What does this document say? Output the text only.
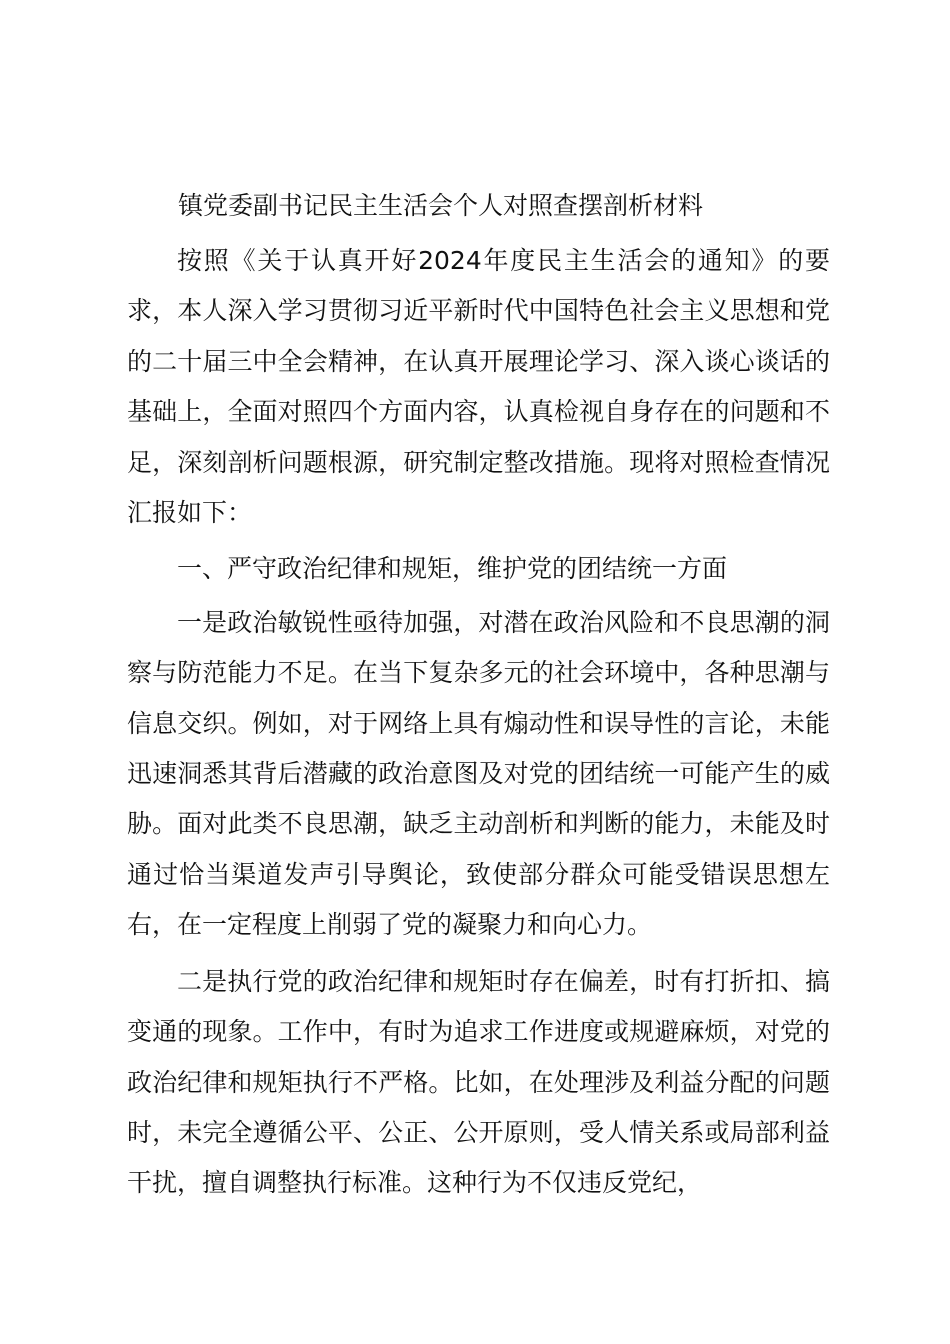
镇党委副书记民主生活会个人对照查摆剖析材料

按照《关于认真开好2024年度民主生活会的通知》的要求，本人深入学习贯彻习近平新时代中国特色社会主义思想和党的二十届三中全会精神，在认真开展理论学习、深入谈心谈话的基础上，全面对照四个方面内容，认真检视自身存在的问题和不足，深刻剖析问题根源，研究制定整改措施。现将对照检查情况汇报如下：

一、严守政治纪律和规矩，维护党的团结统一方面

一是政治敏锐性亟待加强，对潜在政治风险和不良思潮的洞察与防范能力不足。在当下复杂多元的社会环境中，各种思潮与信息交织。例如，对于网络上具有煽动性和误导性的言论，未能迅速洞悉其背后潜藏的政治意图及对党的团结统一可能产生的威胁。面对此类不良思潮，缺乏主动剖析和判断的能力，未能及时通过恰当渠道发声引导舆论，致使部分群众可能受错误思想左右，在一定程度上削弱了党的凝聚力和向心力。

二是执行党的政治纪律和规矩时存在偏差，时有打折扣、搞变通的现象。工作中，有时为追求工作进度或规避麻烦，对党的政治纪律和规矩执行不严格。比如，在处理涉及利益分配的问题时，未完全遵循公平、公正、公开原则，受人情关系或局部利益干扰，擅自调整执行标准。这种行为不仅违反党纪，
